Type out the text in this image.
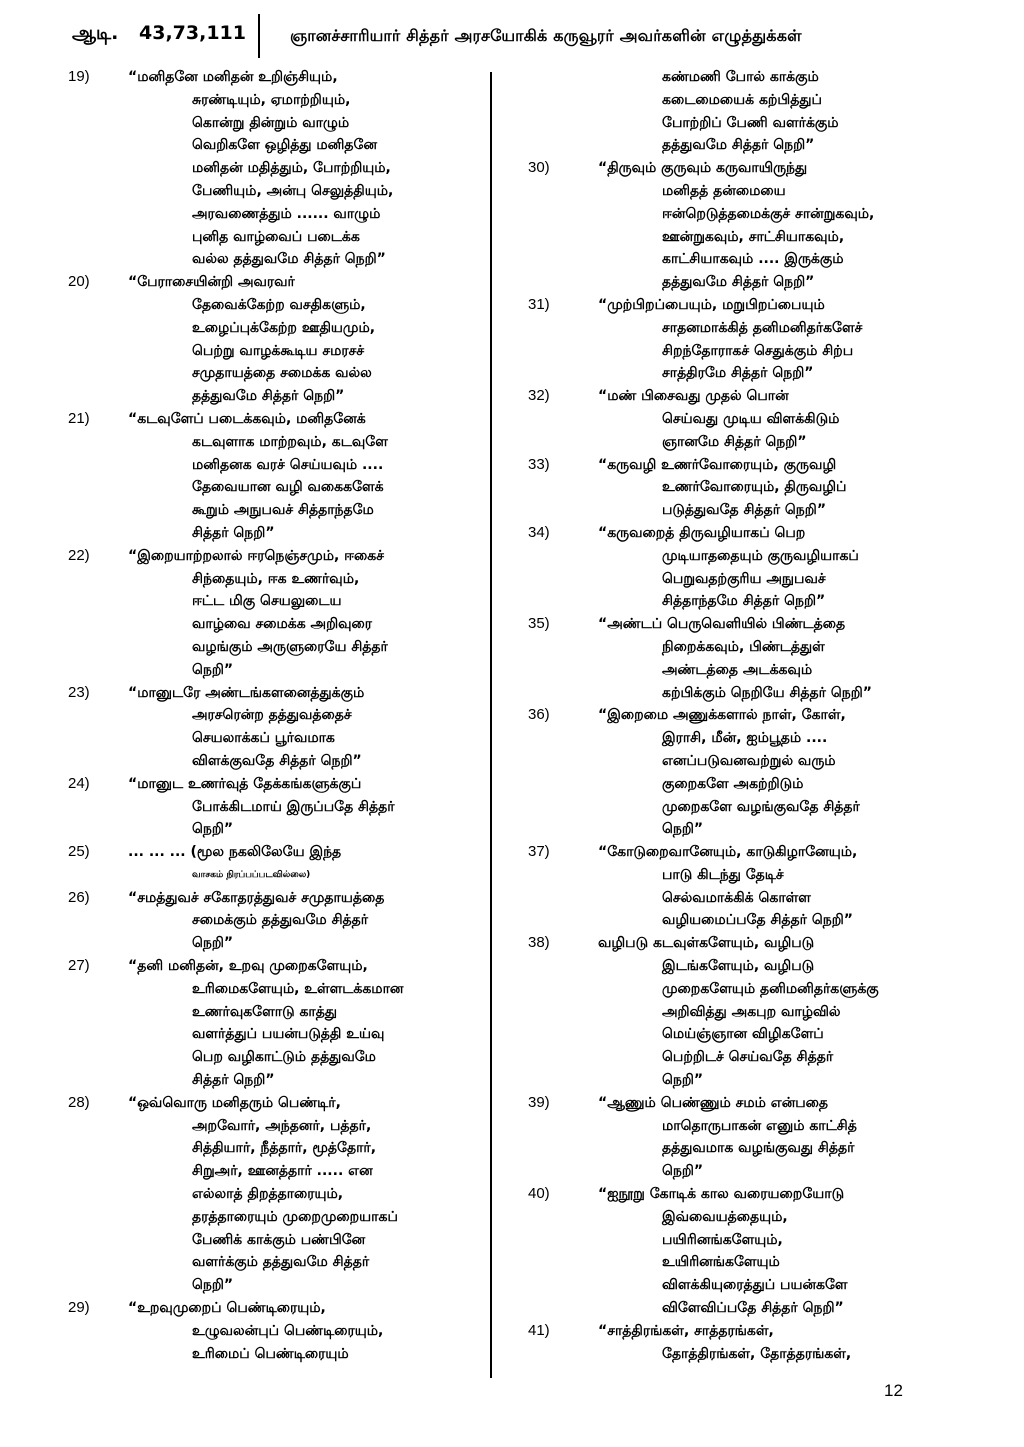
ஆடி. 43,73,111	ஞானச்சாரியார் சித்தர் அரசயோகிக் கருவூரர் அவர்களின் எழுத்துக்கள்
19)	“மனிதனே மனிதன் உறிஞ்சியும்,
சுரண்டியும், ஏமாற்றியும்,
கொன்று தின்றும் வாழும்
வெறிகளே ஒழித்து மனிதனே
மனிதன் மதித்தும், போற்றியும்,
பேணியும், அன்பு செலுத்தியும்,
அரவணைத்தும் ...... வாழும்
புனித வாழ்வைப் படைக்க
வல்ல தத்துவமே சித்தர் நெறி”
20)	“பேராசையின்றி அவரவர்
தேவைக்கேற்ற வசதிகளும்,
உழைப்புக்கேற்ற ஊதியமும்,
பெற்று வாழக்கூடிய சமரசச்
சமுதாயத்தை சமைக்க வல்ல
தத்துவமே சித்தர் நெறி”
21)	“கடவுளேப் படைக்கவும், மனிதனேக்
கடவுளாக மாற்றவும், கடவுளே
மனிதனக வரச் செய்யவும் ....
தேவையான வழி வகைகளேக்
கூறும் அநுபவச் சித்தாந்தமே
சித்தர் நெறி”
22)	“இறையாற்றலால் ஈரநெஞ்சமும், ஈகைச்
சிந்தையும், ஈக உணர்வும்,
ஈட்ட மிகு செயலுடைய
வாழ்வை சமைக்க அறிவுரை
வழங்கும் அருளுரையே சித்தர்
நெறி”
23)	“மானுடரே அண்டங்களனைத்துக்கும்
அரசரென்ற தத்துவத்தைச்
செயலாக்கப் பூர்வமாக
விளக்குவதே சித்தர் நெறி”
24)	“மானுட உணர்வுத் தேக்கங்களுக்குப்
போக்கிடமாய் இருப்பதே சித்தர்
நெறி”
25)	... ... ... (மூல நகலிலேயே இந்த
வாசகம் நிரப்பப்படவில்லை)
26)	“சமத்துவச் சகோதரத்துவச் சமுதாயத்தை
சமைக்கும் தத்துவமே சித்தர்
நெறி”
27)	“தனி மனிதன், உறவு முறைகளேயும்,
உரிமைகளேயும், உள்ளடக்கமான
உணர்வுகளோடு காத்து
வளர்த்துப் பயன்படுத்தி உய்வு
பெற வழிகாட்டும் தத்துவமே
சித்தர் நெறி”
28)	“ஒவ்வொரு மனிதரும் பெண்டிர்,
அறவோர், அந்தனர், பத்தர்,
சித்தியார், நீத்தார், மூத்தோர்,
சிறுஅர், ஊனத்தார் ..... என
எல்லாத் திறத்தாரையும்,
தரத்தாரையும் முறைமுறையாகப்
பேணிக் காக்கும் பண்பினே
வளர்க்கும் தத்துவமே சித்தர்
நெறி”
29)	“உறவுமுறைப் பெண்டிரையும்,
உழுவலன்புப் பெண்டிரையும்,
உரிமைப் பெண்டிரையும்
கண்மணி போல் காக்கும்
கடைமையைக் கற்பித்துப்
போற்றிப் பேணி வளர்க்கும்
தத்துவமே சித்தர் நெறி”
30)	“திருவும் குருவும் கருவாயிருந்து
மனிதத் தன்மையை
ஈன்றெடுத்தமைக்குச் சான்றுகவும்,
ஊன்றுகவும், சாட்சியாகவும்,
காட்சியாகவும் .... இருக்கும்
தத்துவமே சித்தர் நெறி”
31)	“முற்பிறப்பையும், மறுபிறப்பையும்
சாதனமாக்கித் தனிமனிதர்களேச்
சிறந்தோராகச் செதுக்கும் சிற்ப
சாத்திரமே சித்தர் நெறி”
32)	“மண் பிசைவது முதல் பொன்
செய்வது முடிய விளக்கிடும்
ஞானமே சித்தர் நெறி”
33)	“கருவழி உணர்வோரையும், குருவழி
உணர்வோரையும், திருவழிப்
படுத்துவதே சித்தர் நெறி”
34)	“கருவறைத் திருவழியாகப் பெற
முடியாததையும் குருவழியாகப்
பெறுவதற்குரிய அநுபவச்
சித்தாந்தமே சித்தர் நெறி”
35)	“அண்டப் பெருவெளியில் பிண்டத்தை
நிறைக்கவும், பிண்டத்துள்
அண்டத்தை அடக்கவும்
கற்பிக்கும் நெறியே சித்தர் நெறி”
36)	“இறைமை அணுக்களால் நாள், கோள்,
இராசி, மீன், ஐம்பூதம் ....
எனப்படுவனவற்றுல் வரும்
குறைகளே அகற்றிடும்
முறைகளே வழங்குவதே சித்தர்
நெறி”
37)	“கோடுறைவானேயும், காடுகிழானேயும்,
பாடு கிடந்து தேடிச்
செல்வமாக்கிக் கொள்ள
வழியமைப்பதே சித்தர் நெறி”
38)	வழிபடு கடவுள்களேயும், வழிபடு
இடங்களேயும், வழிபடு
முறைகளேயும் தனிமனிதர்களுக்கு
அறிவித்து அகபுற வாழ்வில்
மெய்ஞ்ஞான விழிகளேப்
பெற்றிடச் செய்வதே சித்தர்
நெறி”
39)	“ஆணும் பெண்ணும் சமம் என்பதை
மாதொருபாகன் எனும் காட்சித்
தத்துவமாக வழங்குவது சித்தர்
நெறி”
40)	“ஐநூறு கோடிக் கால வரையறையோடு
இவ்வையத்தையும்,
பயிரினங்களேயும்,
உயிரினங்களேயும்
விளக்கியுரைத்துப் பயன்களே
விளேவிப்பதே சித்தர் நெறி”
41)	“சாத்திரங்கள், சாத்தரங்கள்,
தோத்திரங்கள், தோத்தரங்கள்,
12
